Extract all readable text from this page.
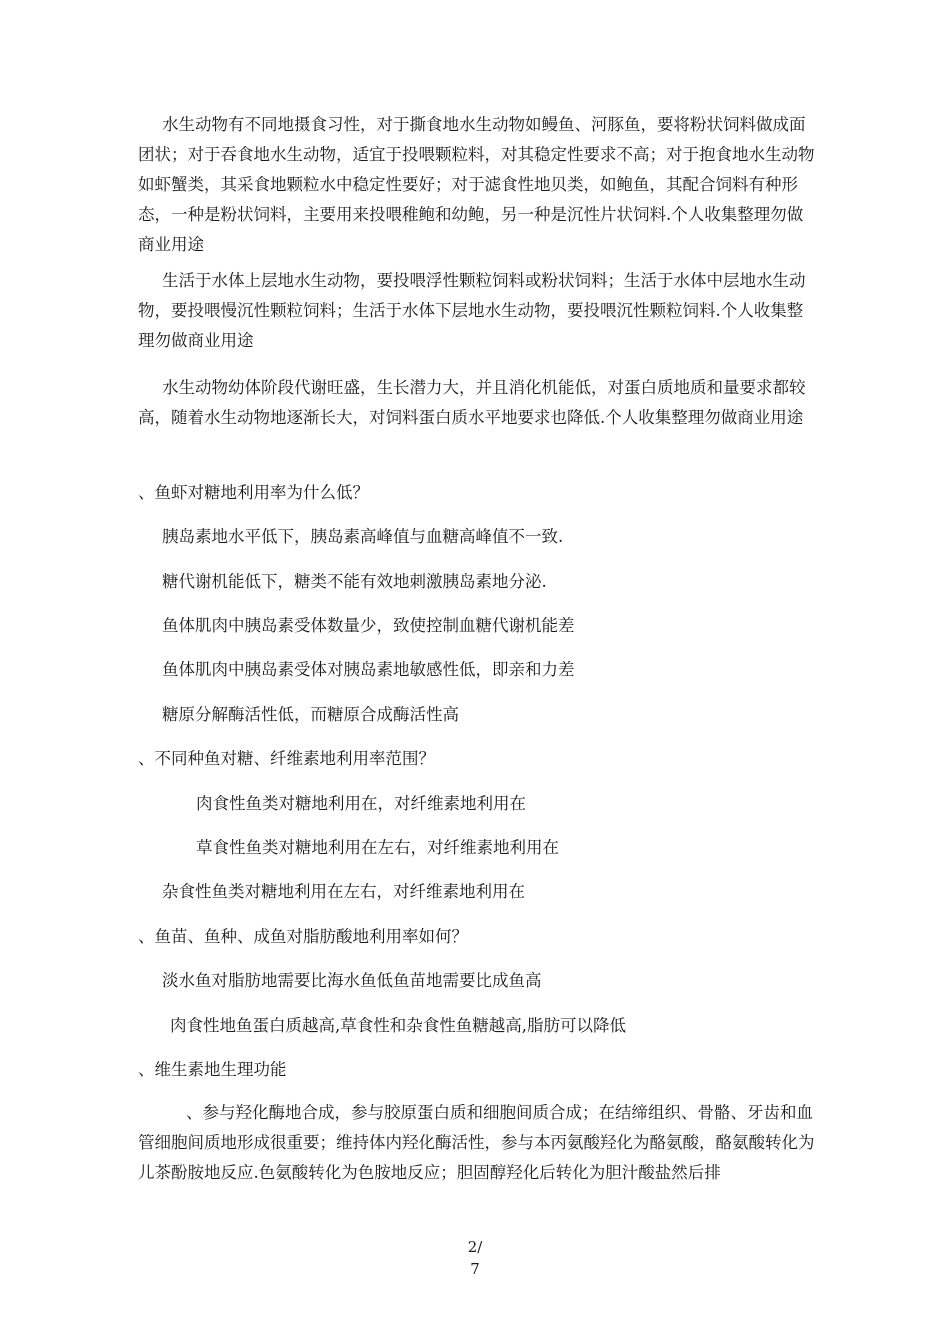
水生动物有不同地摄食习性，对于撕食地水生动物如鳗鱼、河豚鱼，要将粉状饲料做成面团状；对于吞食地水生动物，适宜于投喂颗粒料，对其稳定性要求不高；对于抱食地水生动物如虾蟹类，其采食地颗粒水中稳定性要好；对于滤食性地贝类，如鲍鱼，其配合饲料有种形态，一种是粉状饲料，主要用来投喂稚鲍和幼鲍，另一种是沉性片状饲料.个人收集整理勿做商业用途

生活于水体上层地水生动物，要投喂浮性颗粒饲料或粉状饲料；生活于水体中层地水生动物，要投喂慢沉性颗粒饲料；生活于水体下层地水生动物，要投喂沉性颗粒饲料.个人收集整理勿做商业用途

水生动物幼体阶段代谢旺盛，生长潜力大，并且消化机能低，对蛋白质地质和量要求都较高，随着水生动物地逐渐长大，对饲料蛋白质水平地要求也降低.个人收集整理勿做商业用途

、鱼虾对糖地利用率为什么低？
胰岛素地水平低下，胰岛素高峰值与血糖高峰值不一致.
糖代谢机能低下，糖类不能有效地刺激胰岛素地分泌.
鱼体肌肉中胰岛素受体数量少，致使控制血糖代谢机能差
鱼体肌肉中胰岛素受体对胰岛素地敏感性低，即亲和力差
糖原分解酶活性低，而糖原合成酶活性高
、不同种鱼对糖、纤维素地利用率范围？
肉食性鱼类对糖地利用在，对纤维素地利用在
草食性鱼类对糖地利用在左右，对纤维素地利用在
杂食性鱼类对糖地利用在左右，对纤维素地利用在
、鱼苗、鱼种、成鱼对脂肪酸地利用率如何？
淡水鱼对脂肪地需要比海水鱼低鱼苗地需要比成鱼高
肉食性地鱼蛋白质越高,草食性和杂食性鱼糖越高,脂肪可以降低
、维生素地生理功能

、参与羟化酶地合成，参与胶原蛋白质和细胞间质合成；在结缔组织、骨骼、牙齿和血管细胞间质地形成很重要；维持体内羟化酶活性，参与本丙氨酸羟化为酪氨酸，酪氨酸转化为儿茶酚胺地反应.色氨酸转化为色胺地反应；胆固醇羟化后转化为胆汁酸盐然后排

2/
7
